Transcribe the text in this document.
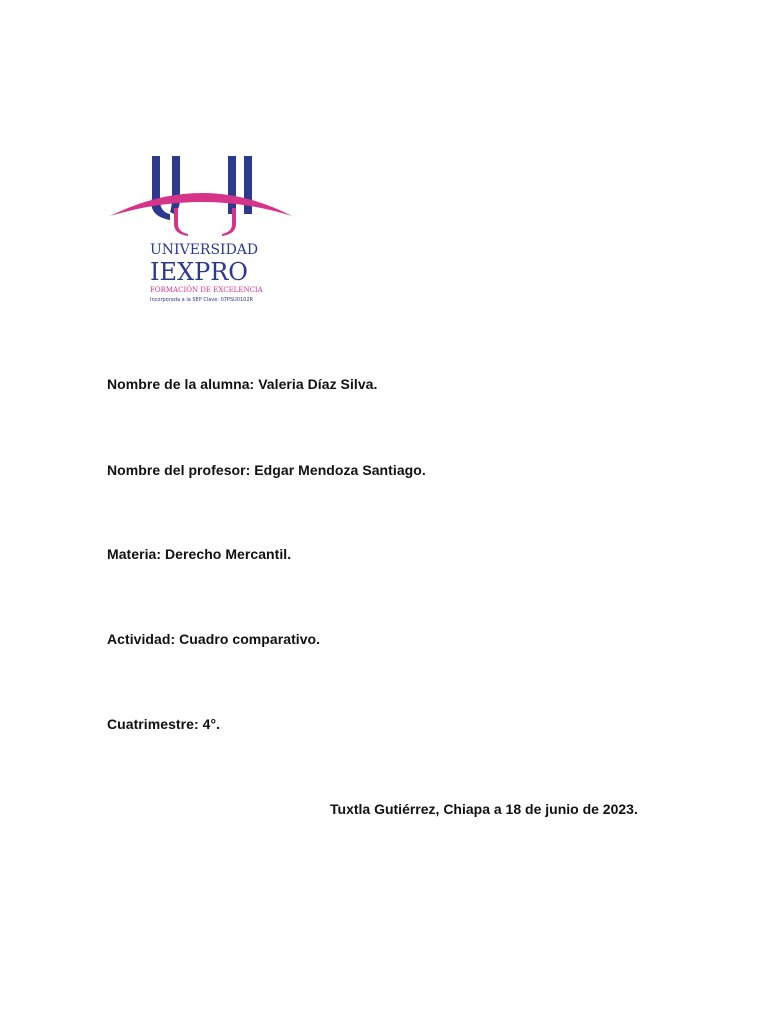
UNIVERSIDAD
IEXPRO
FORMACIÓN DE EXCELENCIA
Incorporada a la SEP Clave: 07PSU0102R
Nombre de la alumna: Valeria Díaz Silva.
Nombre del profesor: Edgar Mendoza Santiago.
Materia: Derecho Mercantil.
Actividad: Cuadro comparativo.
Cuatrimestre: 4°.
Tuxtla Gutiérrez, Chiapa a 18 de junio de 2023.
